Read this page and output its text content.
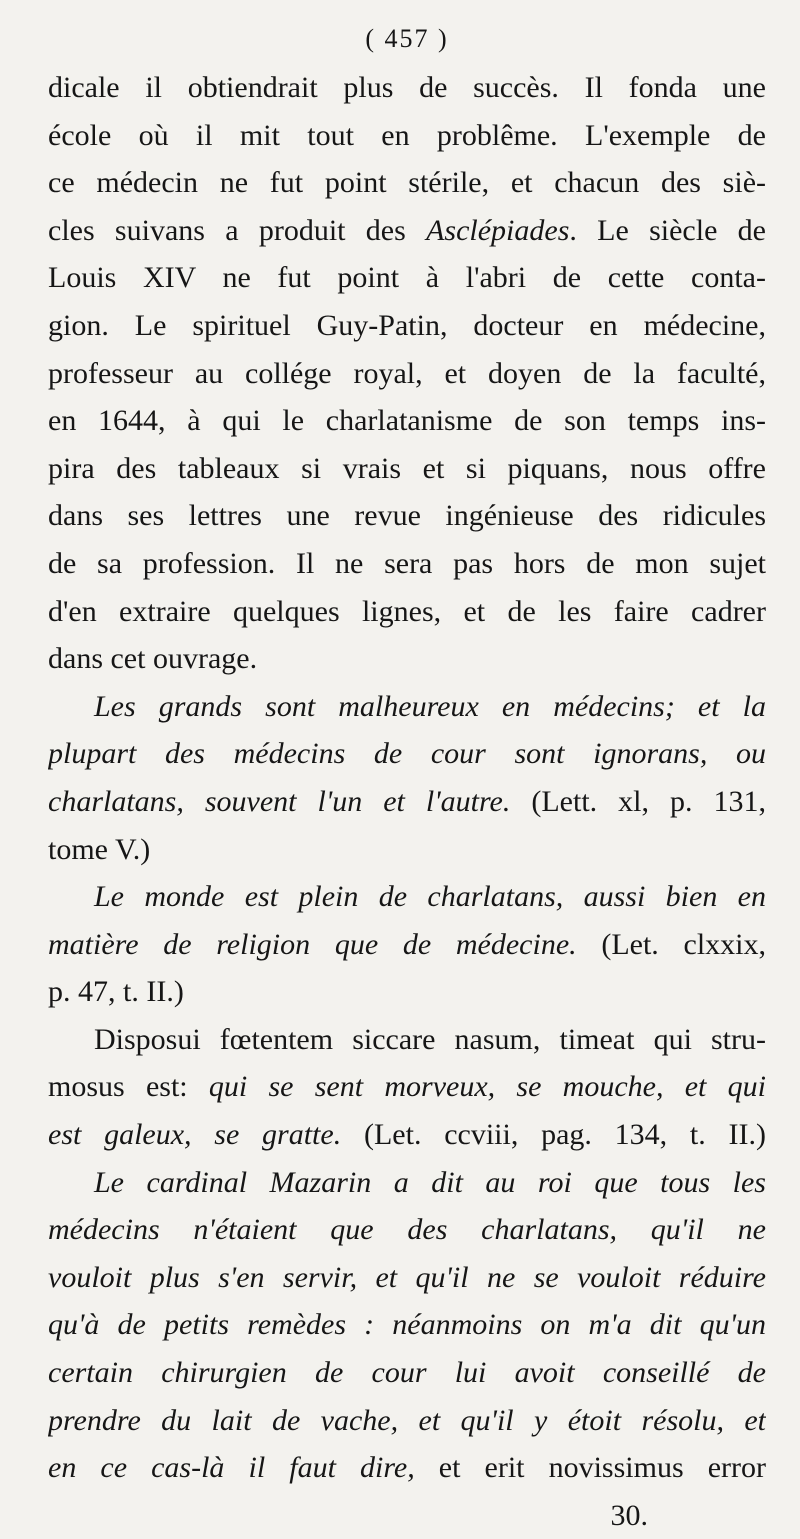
( 457 )
dicale il obtiendrait plus de succès. Il fonda une
école où il mit tout en problême. L'exemple de
ce médecin ne fut point stérile, et chacun des siè-
cles suivans a produit des Asclépiades. Le siècle de
Louis XIV ne fut point à l'abri de cette conta-
gion. Le spirituel Guy-Patin, docteur en médecine,
professeur au collége royal, et doyen de la faculté,
en 1644, à qui le charlatanisme de son temps ins-
pira des tableaux si vrais et si piquans, nous offre
dans ses lettres une revue ingénieuse des ridicules
de sa profession. Il ne sera pas hors de mon sujet
d'en extraire quelques lignes, et de les faire cadrer
dans cet ouvrage.
Les grands sont malheureux en médecins; et la
plupart des médecins de cour sont ignorans, ou
charlatans, souvent l'un et l'autre. (Lett. xl, p. 131,
tome V.)
Le monde est plein de charlatans, aussi bien en
matière de religion que de médecine. (Let. clxxix,
p. 47, t. II.)
Disposui fœtentem siccare nasum, timeat qui stru-
mosus est: qui se sent morveux, se mouche, et qui
est galeux, se gratte. (Let. ccviii, pag. 134, t. II.)
Le cardinal Mazarin a dit au roi que tous les
médecins n'étaient que des charlatans, qu'il ne
vouloit plus s'en servir, et qu'il ne se vouloit réduire
qu'à de petits remèdes : néanmoins on m'a dit qu'un
certain chirurgien de cour lui avoit conseillé de
prendre du lait de vache, et qu'il y étoit résolu, et
en ce cas-là il faut dire, et erit novissimus error
30.
